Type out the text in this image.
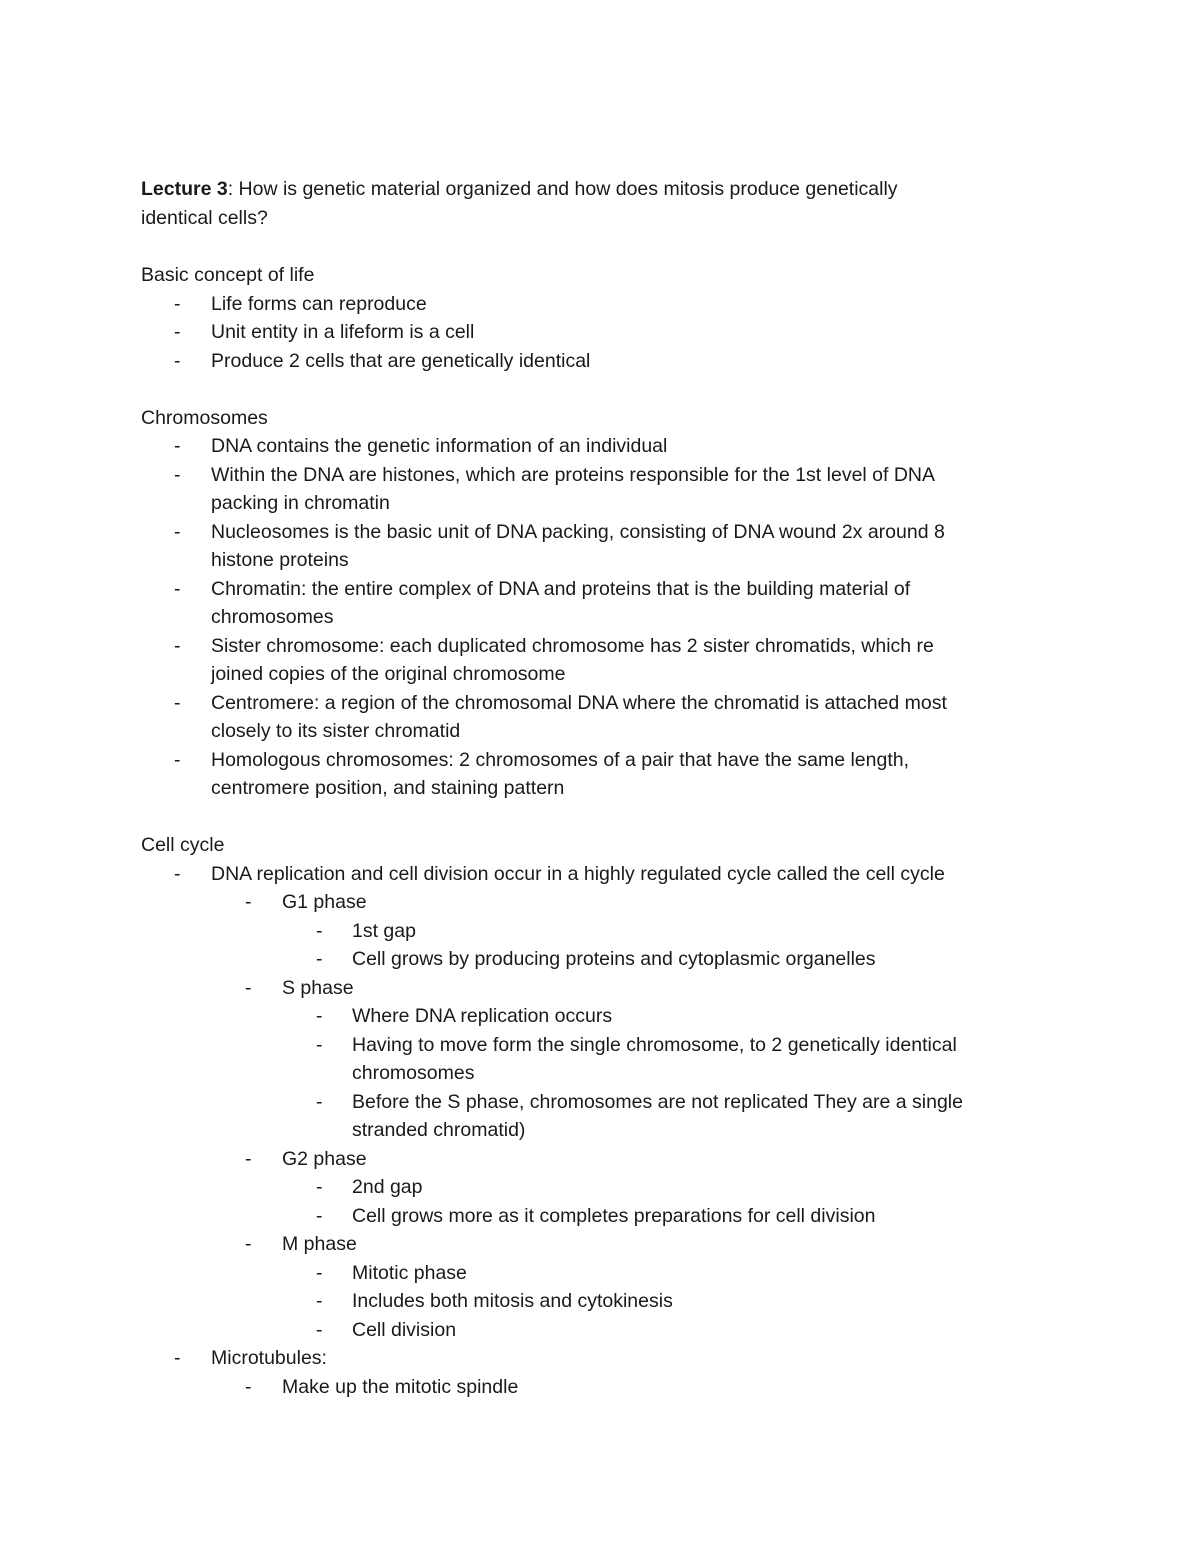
Lecture 3: How is genetic material organized and how does mitosis produce genetically
identical cells?
Basic concept of life
- Life forms can reproduce
- Unit entity in a lifeform is a cell
- Produce 2 cells that are genetically identical
Chromosomes
- DNA contains the genetic information of an individual
- Within the DNA are histones, which are proteins responsible for the 1st level of DNA
packing in chromatin
- Nucleosomes is the basic unit of DNA packing, consisting of DNA wound 2x around 8
histone proteins
- Chromatin: the entire complex of DNA and proteins that is the building material of
chromosomes
- Sister chromosome: each duplicated chromosome has 2 sister chromatids, which re
joined copies of the original chromosome
- Centromere: a region of the chromosomal DNA where the chromatid is attached most
closely to its sister chromatid
- Homologous chromosomes: 2 chromosomes of a pair that have the same length,
centromere position, and staining pattern
Cell cycle
- DNA replication and cell division occur in a highly regulated cycle called the cell cycle
- G1 phase
- 1st gap
- Cell grows by producing proteins and cytoplasmic organelles
- S phase
- Where DNA replication occurs
- Having to move form the single chromosome, to 2 genetically identical
chromosomes
- Before the S phase, chromosomes are not replicated They are a single
stranded chromatid)
- G2 phase
- 2nd gap
- Cell grows more as it completes preparations for cell division
- M phase
- Mitotic phase
- Includes both mitosis and cytokinesis
- Cell division
- Microtubules:
- Make up the mitotic spindle
